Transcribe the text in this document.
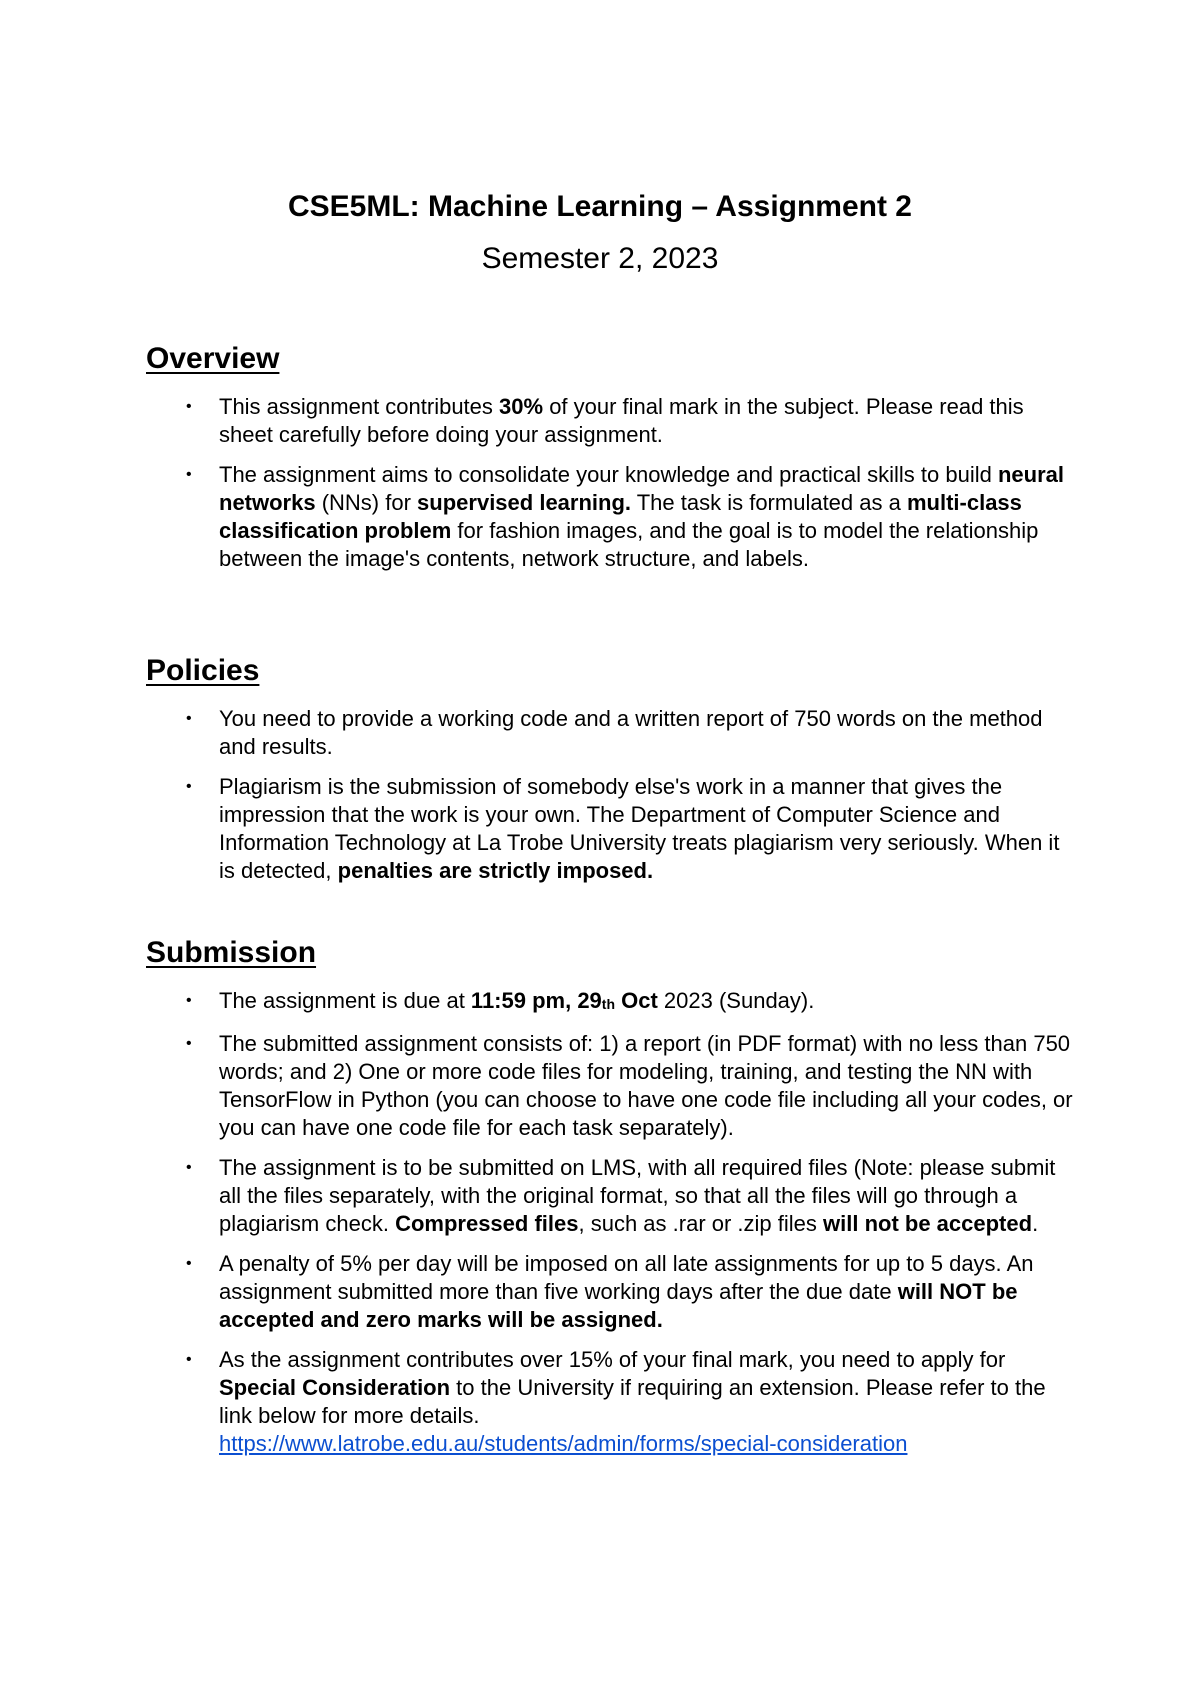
CSE5ML: Machine Learning – Assignment 2
Semester 2, 2023
Overview
• This assignment contributes 30% of your final mark in the subject. Please read this sheet carefully before doing your assignment.
• The assignment aims to consolidate your knowledge and practical skills to build neural networks (NNs) for supervised learning. The task is formulated as a multi-class classification problem for fashion images, and the goal is to model the relationship between the image's contents, network structure, and labels.
Policies
• You need to provide a working code and a written report of 750 words on the method and results.
• Plagiarism is the submission of somebody else's work in a manner that gives the impression that the work is your own. The Department of Computer Science and Information Technology at La Trobe University treats plagiarism very seriously. When it is detected, penalties are strictly imposed.
Submission
• The assignment is due at 11:59 pm, 29th Oct 2023 (Sunday).
• The submitted assignment consists of: 1) a report (in PDF format) with no less than 750 words; and 2) One or more code files for modeling, training, and testing the NN with TensorFlow in Python (you can choose to have one code file including all your codes, or you can have one code file for each task separately).
• The assignment is to be submitted on LMS, with all required files (Note: please submit all the files separately, with the original format, so that all the files will go through a plagiarism check. Compressed files, such as .rar or .zip files will not be accepted.
• A penalty of 5% per day will be imposed on all late assignments for up to 5 days. An assignment submitted more than five working days after the due date will NOT be accepted and zero marks will be assigned.
• As the assignment contributes over 15% of your final mark, you need to apply for Special Consideration to the University if requiring an extension. Please refer to the link below for more details.
https://www.latrobe.edu.au/students/admin/forms/special-consideration
